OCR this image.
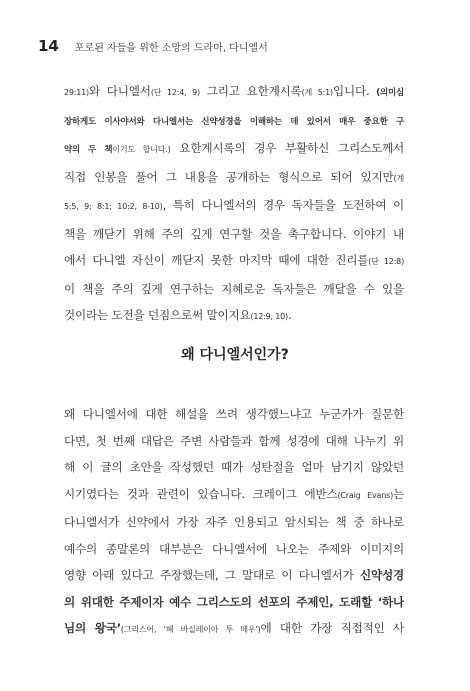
14 포로된 자들을 위한 소망의 드라마, 다니엘서
29:11)와 다니엘서(단 12:4, 9) 그리고 요한계시록(계 5:1)입니다. (의미심
장하게도 이사야서와 다니엘서는 신약성경을 이해하는 데 있어서 매우 중요한 구
약의 두 책이기도 합니다.) 요한계시록의 경우 부활하신 그리스도께서
직접 인봉을 풀어 그 내용을 공개하는 형식으로 되어 있지만(계
5:5, 9; 8:1; 10:2, 8-10), 특히 다니엘서의 경우 독자들을 도전하여 이
책을 깨닫기 위해 주의 깊게 연구할 것을 촉구합니다. 이야기 내
에서 다니엘 자신이 깨닫지 못한 마지막 때에 대한 진리를(단 12:8)
이 책을 주의 깊게 연구하는 지혜로운 독자들은 깨달을 수 있을
것이라는 도전을 던짐으로써 말이지요(12:9, 10).
왜 다니엘서인가?
왜 다니엘서에 대한 해설을 쓰려 생각했느냐고 누군가가 질문한
다면, 첫 번째 대답은 주변 사람들과 함께 성경에 대해 나누기 위
해 이 글의 초안을 작성했던 때가 성탄절을 얼마 남기지 않았던
시기였다는 것과 관련이 있습니다. 크레이그 에반스(Craig Evans)는
다니엘서가 신약에서 가장 자주 인용되고 암시되는 책 중 하나로
예수의 종말론의 대부분은 다니엘서에 나오는 주제와 이미지의
영향 아래 있다고 주장했는데, 그 말대로 이 다니엘서가 신약성경
의 위대한 주제이자 예수 그리스도의 선포의 주제인, 도래할 ‘하나
님의 왕국’(그리스어, ‘헤 바실레이아 투 떼우’)에 대한 가장 직접적인 사
